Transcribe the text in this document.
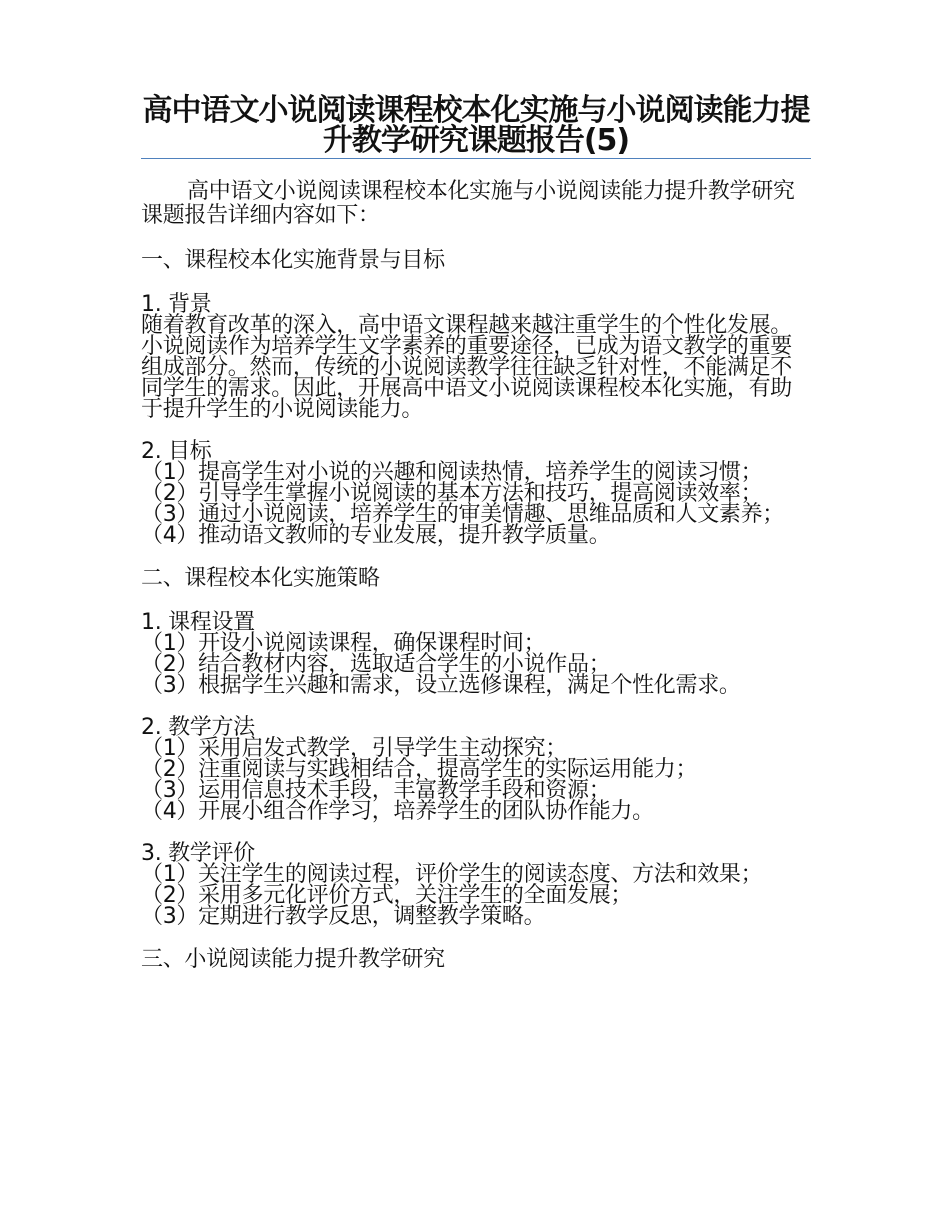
高中语文小说阅读课程校本化实施与小说阅读能力提升教学研究课题报告(5)

高中语文小说阅读课程校本化实施与小说阅读能力提升教学研究课题报告详细内容如下：

一、课程校本化实施背景与目标

1. 背景

随着教育改革的深入，高中语文课程越来越注重学生的个性化发展。小说阅读作为培养学生文学素养的重要途径，已成为语文教学的重要组成部分。然而，传统的小说阅读教学往往缺乏针对性，不能满足不同学生的需求。因此，开展高中语文小说阅读课程校本化实施，有助于提升学生的小说阅读能力。

2. 目标

（1）提高学生对小说的兴趣和阅读热情，培养学生的阅读习惯；

（2）引导学生掌握小说阅读的基本方法和技巧，提高阅读效率；

（3）通过小说阅读，培养学生的审美情趣、思维品质和人文素养；

（4）推动语文教师的专业发展，提升教学质量。

二、课程校本化实施策略

1. 课程设置

（1）开设小说阅读课程，确保课程时间；

（2）结合教材内容，选取适合学生的小说作品；

（3）根据学生兴趣和需求，设立选修课程，满足个性化需求。

2. 教学方法

（1）采用启发式教学，引导学生主动探究；

（2）注重阅读与实践相结合，提高学生的实际运用能力；

（3）运用信息技术手段，丰富教学手段和资源；

（4）开展小组合作学习，培养学生的团队协作能力。

3. 教学评价

（1）关注学生的阅读过程，评价学生的阅读态度、方法和效果；

（2）采用多元化评价方式，关注学生的全面发展；

（3）定期进行教学反思，调整教学策略。

三、小说阅读能力提升教学研究
